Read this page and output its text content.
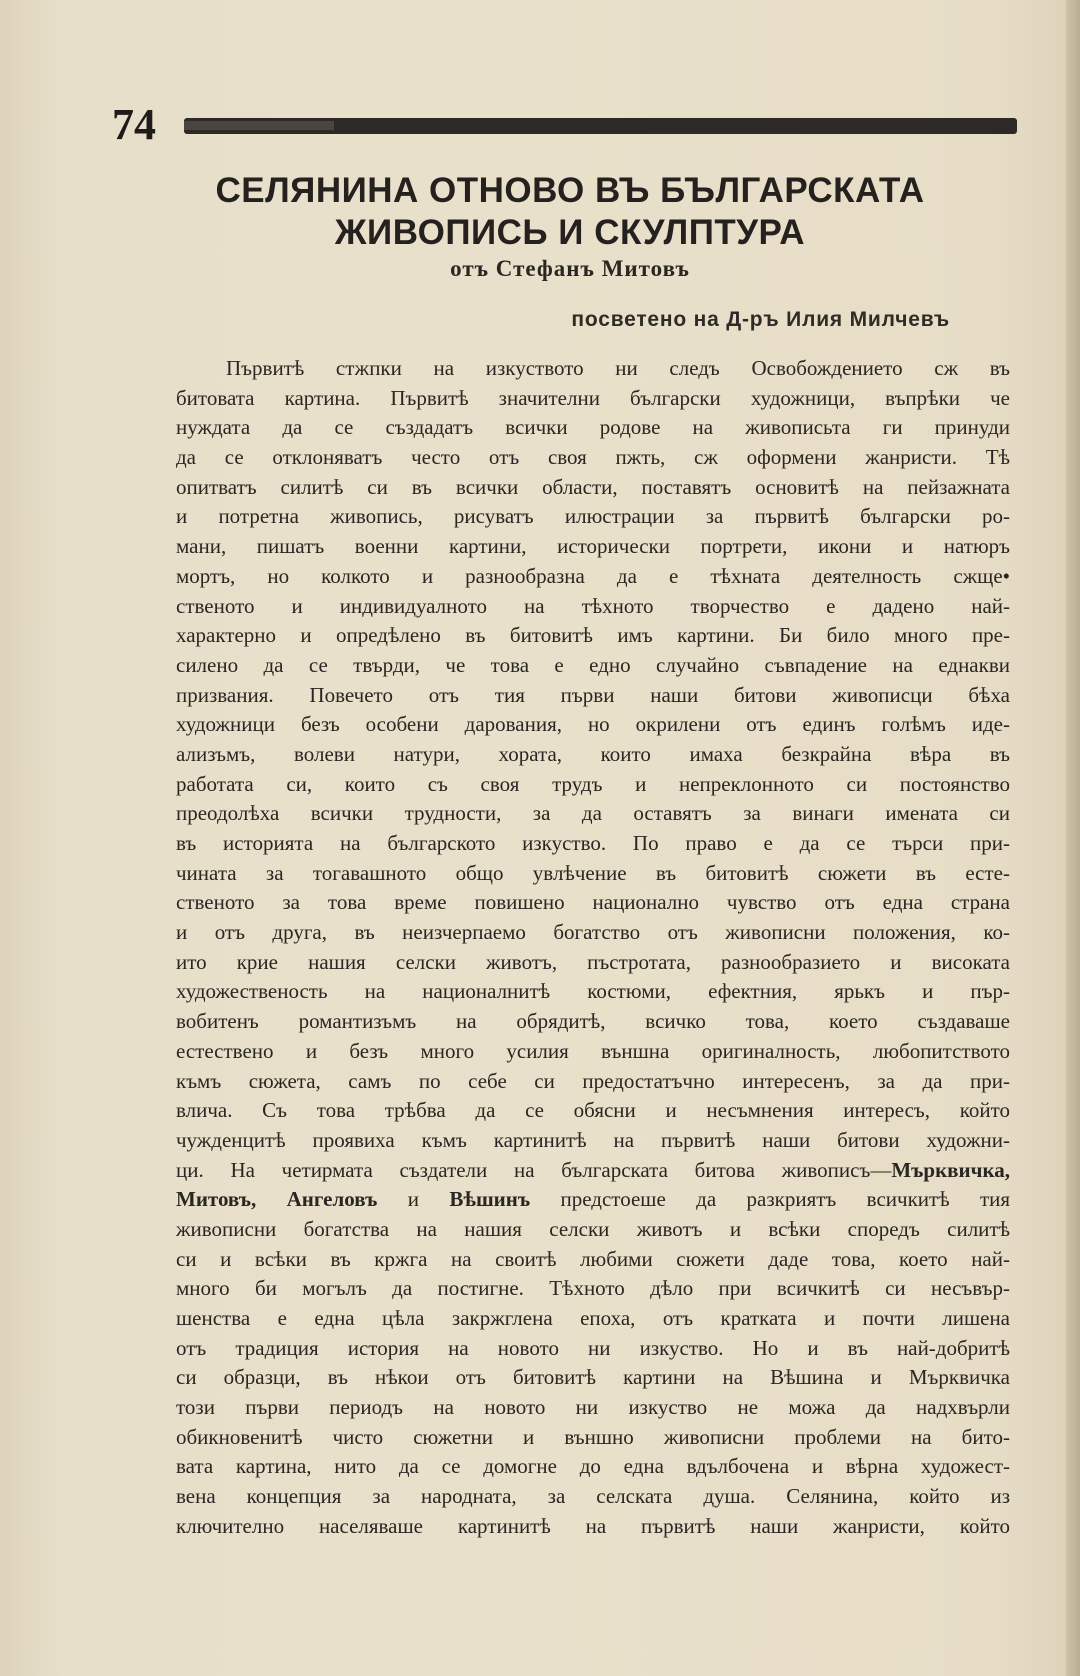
74
СЕЛЯНИНА ОТНОВО ВЪ БЪЛГАРСКАТА
ЖИВОПИСЬ И СКУЛПТУРА
отъ Стефанъ Митовъ
посветено на Д-ръ Илия Милчевъ
Първитѣ стжпки на изкуството ни следъ Освобождението сж въ
битовата картина. Първитѣ значителни български художници, въпрѣки че
нуждата да се създадатъ всички родове на живописьта ги принуди
да се отклоняватъ често отъ своя пжть, сж оформени жанристи. Тѣ
опитватъ силитѣ си въ всички области, поставятъ основитѣ на пейзажната
и потретна живопись, рисуватъ илюстрации за първитѣ български ро-
мани, пишатъ военни картини, исторически портрети, икони и натюръ
мортъ, но колкото и разнообразна да е тѣхната деятелность сжще•
ственото и индивидуалното на тѣхното творчество е дадено най-
характерно и опредѣлено въ битовитѣ имъ картини. Би било много пре-
силено да се твърди, че това е едно случайно съвпадение на еднакви
призвания. Повечето отъ тия първи наши битови живописци бѣха
художници безъ особени дарования, но окрилени отъ единъ голѣмъ иде-
ализъмъ, волеви натури, хората, които имаха безкрайна вѣра въ
работата си, които съ своя трудъ и непреклонното си постоянство
преодолѣха всички трудности, за да оставятъ за винаги имената си
въ историята на българското изкуство. По право е да се търси при-
чината за тогавашното общо увлѣчение въ битовитѣ сюжети въ есте-
ственото за това време повишено национално чувство отъ една страна
и отъ друга, въ неизчерпаемо богатство отъ живописни положения, ко-
ито крие нашия селски животъ, пъстротата, разнообразието и високата
художественость на националнитѣ костюми, ефектния, ярькъ и пър-
вобитенъ романтизъмъ на обрядитѣ, всичко това, което създаваше
естествено и безъ много усилия външна оригиналность, любопитството
къмъ сюжета, самъ по себе си предостатъчно интересенъ, за да при-
влича. Съ това трѣбва да се обясни и несъмнения интересъ, който
чужденцитѣ проявиха къмъ картинитѣ на първитѣ наши битови художни-
ци. На четирмата създатели на българската битова живописъ—Мърквичка,
Митовъ, Ангеловъ и Вѣшинъ предстоеше да разкриятъ всичкитѣ тия
живописни богатства на нашия селски животъ и всѣки споредъ силитѣ
си и всѣки въ кржга на своитѣ любими сюжети даде това, което най-
много би могълъ да постигне. Тѣхното дѣло при всичкитѣ си несъвър-
шенства е една цѣла закржглена епоха, отъ кратката и почти лишена
отъ традиция история на новото ни изкуство. Но и въ най-добритѣ
си образци, въ нѣкои отъ битовитѣ картини на Вѣшина и Мърквичка
този първи периодъ на новото ни изкуство не можа да надхвърли
обикновенитѣ чисто сюжетни и външно живописни проблеми на бито-
вата картина, нито да се домогне до една вдълбочена и вѣрна художест-
вена концепция за народната, за селската душа. Селянина, който из
ключително населяваше картинитѣ на първитѣ наши жанристи, който
